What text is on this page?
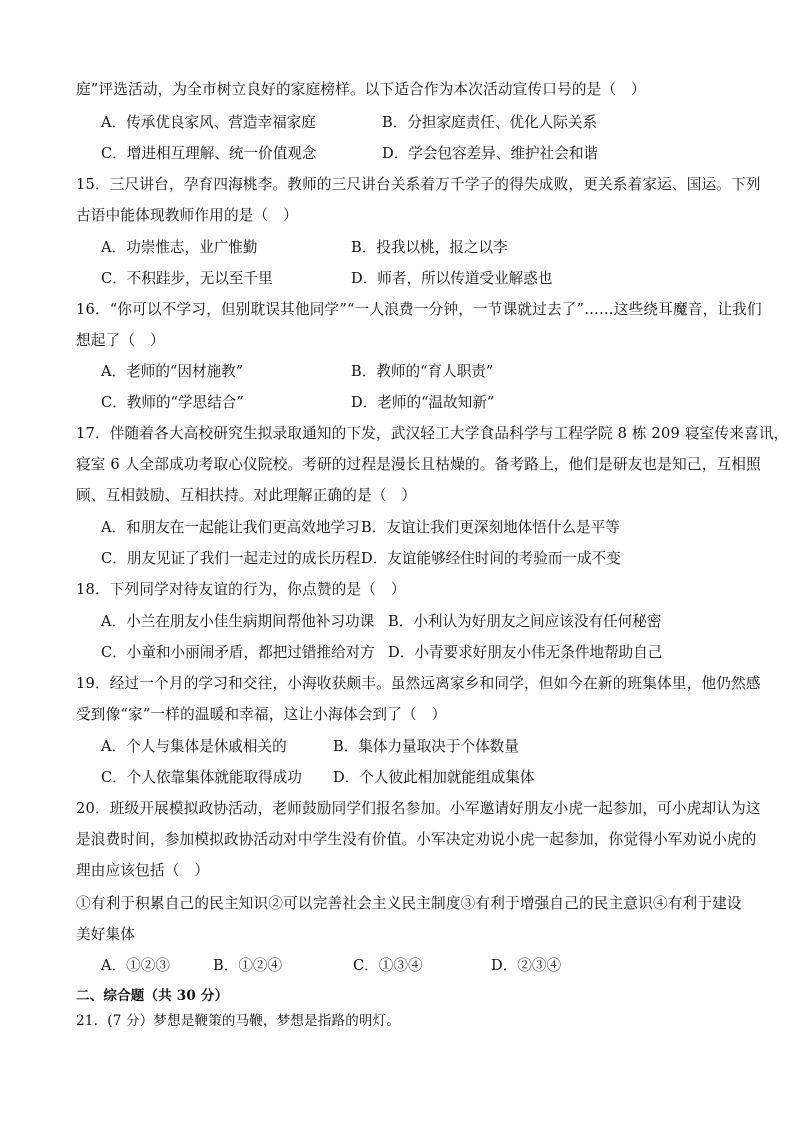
庭”评选活动，为全市树立良好的家庭榜样。以下适合作为本次活动宣传口号的是（　）
A．传承优良家风、营造幸福家庭	B．分担家庭责任、优化人际关系
C．增进相互理解、统一价值观念	D．学会包容差异、维护社会和谐
15．三尺讲台，孕育四海桃李。教师的三尺讲台关系着万千学子的得失成败，更关系着家运、国运。下列
古语中能体现教师作用的是（　）
A．功崇惟志，业广惟勤	B．投我以桃，报之以李
C．不积跬步，无以至千里	D．师者，所以传道受业解惑也
16．“你可以不学习，但别耽误其他同学”“一人浪费一分钟，一节课就过去了”……这些绕耳魔音，让我们
想起了（　）
A．老师的“因材施教”	B．教师的“育人职责”
C．教师的“学思结合”	D．老师的“温故知新”
17．伴随着各大高校研究生拟录取通知的下发，武汉轻工大学食品科学与工程学院 8 栋 209 寝室传来喜讯，
寝室 6 人全部成功考取心仪院校。考研的过程是漫长且枯燥的。备考路上，他们是研友也是知己，互相照
顾、互相鼓励、互相扶持。对此理解正确的是（　）
A．和朋友在一起能让我们更高效地学习 B．友谊让我们更深刻地体悟什么是平等
C．朋友见证了我们一起走过的成长历程 D．友谊能够经住时间的考验而一成不变
18．下列同学对待友谊的行为，你点赞的是（　）
A．小兰在朋友小佳生病期间帮他补习功课 B．小利认为好朋友之间应该没有任何秘密
C．小童和小丽闹矛盾，都把过错推给对方 D．小青要求好朋友小伟无条件地帮助自己
19．经过一个月的学习和交往，小海收获颇丰。虽然远离家乡和同学，但如今在新的班集体里，他仍然感
受到像“家”一样的温暖和幸福，这让小海体会到了（　）
A．个人与集体是休戚相关的	B．集体力量取决于个体数量
C．个人依靠集体就能取得成功 D．个人彼此相加就能组成集体
20．班级开展模拟政协活动，老师鼓励同学们报名参加。小军邀请好朋友小虎一起参加，可小虎却认为这
是浪费时间，参加模拟政协活动对中学生没有价值。小军决定劝说小虎一起参加，你觉得小军劝说小虎的
理由应该包括（　）
①有利于积累自己的民主知识②可以完善社会主义民主制度③有利于增强自己的民主意识④有利于建设
美好集体
A．①②③	B．①②④	C．①③④	D．②③④
二、综合题（共 30 分）
21．(7 分）梦想是鞭策的马鞭，梦想是指路的明灯。
